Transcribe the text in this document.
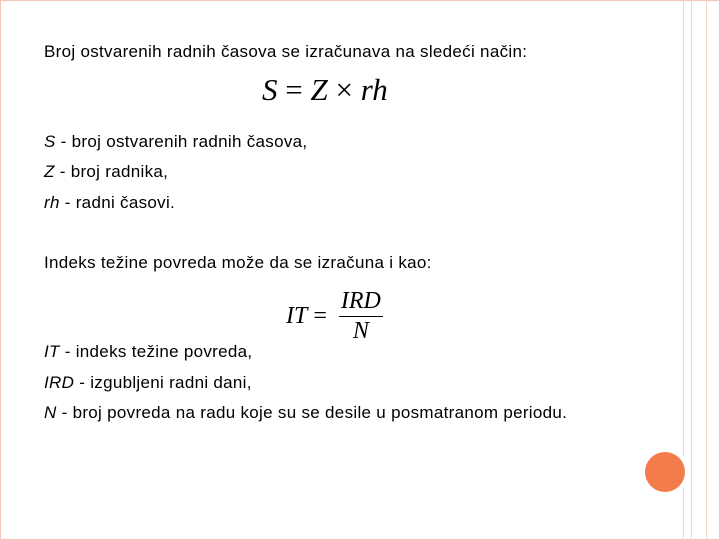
Broj ostvarenih radnih časova se izračunava na sledeći način:
S = Z × rh
S - broj ostvarenih radnih časova,
Z - broj radnika,
rh - radni časovi.
Indeks težine povreda može da se izračuna i kao:
IT = $\frac{\text{IRD}}{N}$
IT - indeks težine povreda,
IRD - izgubljeni radni dani,
N - broj povreda na radu koje su se desile u posmatranom periodu.
